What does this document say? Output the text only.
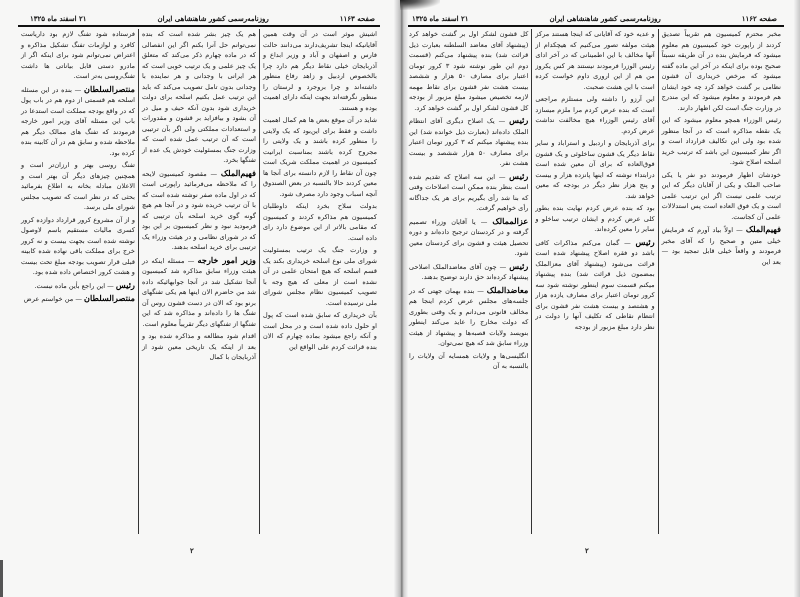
صفحه ۱۱۶۳
روزنامه‌رسمی کشور شاهنشاهی ایران
۲۱ اسفند ماه ۱۳۲۵

اشیش موثر است در آن وقت همین آقایانیکه اینجا تشریف‌دارند می‌دانند حالت فارس و اصفهان و آباد و وزیر ابداع و آذربایجان خیلی نقاط دیگر هم دارد چرا بالخصوص اردبیل و زاهد رفاع منظور داشته‌اند و چرا بروجرد و لرستان را منظور نگرفته‌اند بجهت اینکه دارای اهمیت بوده و هستند.

شاید در آن موقع بعض ها هم کمال اهمیت داشت و فقط برای این‌بود که یک ولایتی را منظور کرده باشند و یک ولایتی را مجروح کرده باشند بمناسبت ایرانیت کمیسیون در اهمیت مملکت شریک است چون آن نقاط را لازم دانسته برای آنجا ها معین کردند حالا بالنسبه در بعض الصندوق آنچه اسباب وجود دارد مصرف شود.

بدولت سلاح بخرد اینکه داوطلبان کمیسیون هم مذاکره کردند و کمیسیون که مقامی بالاتر از این موضوع دارد رای داده است.

و وزارت جنگ یک ترتیب بمسئولیت شورای ملی نوع اسلحه خریداری بکند یک قسم اسلحه که هیچ امتحان علمی در آن نشده است از معلی که هیچ وجه با تصویب کمیسیون نظام مجلس شورای ملی نرسیده است.

بآن خریداری که سابق شده است که پول او حلول داده شده است و در محل است و آنکه راجع میشود بماده چهارم که الان بنده قرائت کردم علی الواقع این

هم یک چیز بشر شده است که بنده نمی‌توانم حل آنرا بکنم اگر این انفصالی که در ماده چهارم ذکر می‌کند که متعلق یک چیز علمی و یک ترتیب خوبی است که هر ایرانی با وجدانی و هر نماینده با وجدانی بدون تامل تصویب می‌کند که باید این ترتیب عمل بکنیم اسلحه برای دولت خریداری شود بدون آنکه حیف و میل در آن بشود و بیافزاید بر قشون و مقدورات و استعدادات مملکتی ولی اگر بآن ترتیبی است که آن ترتیب عمل شده است که وزارت جنگ بمسئولیت خودش یک عده از تفنگها بخرد.

فهیم‌الملک — مقصود کمیسیون لایحه را که ملاحظه می‌فرمائید راپورتی است که در اول ماده صفر نوشته شده است که با آن ترتیب خریده شود و در آنجا هم هیچ گونه گوی خرید اسلحه بآن ترتیبی که فرمودید نبود و نظر کمیسیون بر این بود که در شورای نظامی و در هیئت وزراء یک ترتیبی برای خرید اسلحه بدهند.

وزیر امور خارجه — مسئله اینکه در هیئت وزراء سابق مذاکره شد کمیسیون آنجا تشکیل شد در آنجا جوابهائیکه داده شد من حاضرم الان اینها هم یکی تفنگهای برنو بود که الان در دست قشون روس آن تفنگ ها را داده‌اند و مذاکره شد که این تفنگها از تفنگهای دیگر تقریباً معلوم است.

اقدام شود مطالعه و مذاکره شده بود و بعد از اینکه یک تاریخی معین شود از آذربایجان با کمال

فرستاده شود تفنگ لازم بود داریاست کافرد و لوازمات تفنگ تشکیل مذاکره و اعتراض نمی‌توانم شود برای اینکه اگر از مادرو دستی قابل بیاناتی ها داشت تفنگ‌روسی به‌تر است.

منتصرالسلطان — بنده در این مسئله اسلحه هم قسمتی از دوم هم در باب پول که در واقع بودجه مملکت است استدعا در باب این مسئله آقای وزیر امور خارجه فرمودند که تفنگ های ممالک دیگر هم ملاحظه شده و سابق هم در آن کابینه بنده کرده بود.

تفنگ روسی بهتر و ارزان‌تر است و همچنین چیزهای دیگر آن بهتر است و الاعلان مبادله بخانه به اطلاع بفرمائید بحثی که در نظر است که تصویب مجلس شورای ملی برسد.

و از آن مشروع کرور قرارداد دوازده کرور کسری مالیات مستقیم باسم لاوصول نوشته شده است بجهت بیست و نه کرور خرج برای مملکت باقی نهاده شده کابینه قبلی قرار تصویب بودجه مبلغ تحت بیست و هشت کرور اختصاص داده شده بود.

رئیس — این راجع بأین ماده نیست.

منتصرالسلطان — من خواستم عرض

۲
صفحه ۱۱۶۲
روزنامه‌رسمی کشور شاهنشاهی ایران
۲۱ اسفند ماه ۱۳۲۵

مخبر محترم کمیسیون هم تقریباً تصدیق کردند از راپورت خود کمیسیون هم معلوم میشود که فرمایش بنده در آن طریقه نسبتاً صحیح بوده برای اینکه در آخر این ماده گفته میشود که مرخص خریداری آن قشون نظامی بر گشت خواهد کرد چه خود ایشان هم فرمودند و معلوم میشود که این مندرج در وزارت جنگ است لکن اظهار دارند.

رئیس الوزراء همچو معلوم میشود که این یک نقطه مذاکره است که در آنجا منظور شده بود ولی این تکالیف قرارداد است و اگر نظر کمیسیون این باشد که ترتیب خرید اسلحه اصلاح شود.

خودشان اظهار فرمودند دو نفر یا یکی صاحب الملک و یکی از آقایان دیگر که این ترتیب علمی نیست اگر این ترتیب علمی است و یک فوق العاده است پس استدلالات علمی آن کجاست.

فهیم‌الملک — اولاً بیاد آورم که فرمایش خیلی متین و صحیح را که آقای مخبر فرمودند و واقعاً خیلی قابل تمجید بود — بعد این

و عدیه خود که آقایانی که اینجا هستند مرکز هیئت مولفه تصور می‌کنیم که هیچکدام از آنها مخالف با این اطمینانی که در آخر ادای رئیس الوزرا فرمودند نیستند هر کس یکروز من هم از این اروری داوم خواست کرده است با این هشت صحبت.

این آرزو را داشته ولی مستلزم مراجعی است که بنده عرض کردم مرا ملزم میسازد آقای رئیس الوزراء هیچ مخالفت نداشت عرض کردم.

برای آذربایجان و اردبیل و استراباد و سایر نقاط دیگر یک قشون ساخلوئی و یک قشون فوق‌العاده که برای آن معین شده است درابتداء نوشته که اینها پانزده هزار و بیست و پنج هزار نظر دیگر در بودجه که معین خواهد شد.

بود که بنده عرض کردم نهایت بنده بطور کلی عرض کردم و ایشان ترتیب ساخلو و سایر را معین کرده‌اند.

رئیس — گمان می‌کنم مذاکرات کافی باشد دو فقره اصلاح پیشنهاد شده است قرائت می‌شود (پیشنهاد آقای معزالملک بمضمون ذیل قرائت شد) بنده پیشنهاد میکنم قسمت سوم اینطور نوشته شود سه کرور تومان اعتبار برای مصارف یازده هزار و هشتصد و بیست هشت نفر قشون برای انتظام نقاطی که تکلیف آنها را دولت در نظر دارد مبلغ مزبور از بودجه

کل قشون لشکر اول بر گشت خواهد کرد (پیشنهاد آقای معاضد السلطنه بعبارت ذیل قرائت شد) بنده پیشنهاد می‌کنم (قسمت دوم این طور نوشته شود ۳ کرور تومان اعتبار برای مصارف ۵۰ هزار و ششصد بیست هشت نفر قشون برای نقاط مهمه لازمه تخصیص میشود مبلغ مزبور از بودجه کل قشون لشکر اول بر گشت خواهد کرد.

رئیس — یک اصلاح دیگری آقای انتظام الملک داده‌اند (بعبارت ذیل خوانده شد) این بنده پیشنهاد میکنم که ۳ کرور تومان اعتبار برای مصارف ۵۰ هزار ششصد و بیست هشت نفر.

رئیس — این سه اصلاح که تقدیم شده است بنظر بنده ممکن است اصلاحات وقتی که بنا شد رأی بگیریم برای هر یک جداگانه رأی خواهیم گرفت.

عزالممالک — یا آقایان وزراء تصمیم گرفته و در کردستان ترجیح داده‌اند و دوره تحصیل هیئت و قشون برای کردستان معین شود.

رئیس — چون آقای معاضدالملک اصلاحی پیشنهاد کرده‌اند حق دارند توضیح بدهند.

معاضدالملک — بنده بهمان جهتی که در جلسه‌های مجلس عرض کردم اینجا هم مخالف قانونی می‌دانم و یک وقتی بطوری که دولت مخارج را عاید می‌کند اینطور بنویسد ولایات قصبه‌ها و پیشنهاد از هیئت وزراء سابق شد که هیچ نمی‌توان.

انگلیسی‌ها و ولایات همسایه آن ولایات را بالنسبه به آن

۲
